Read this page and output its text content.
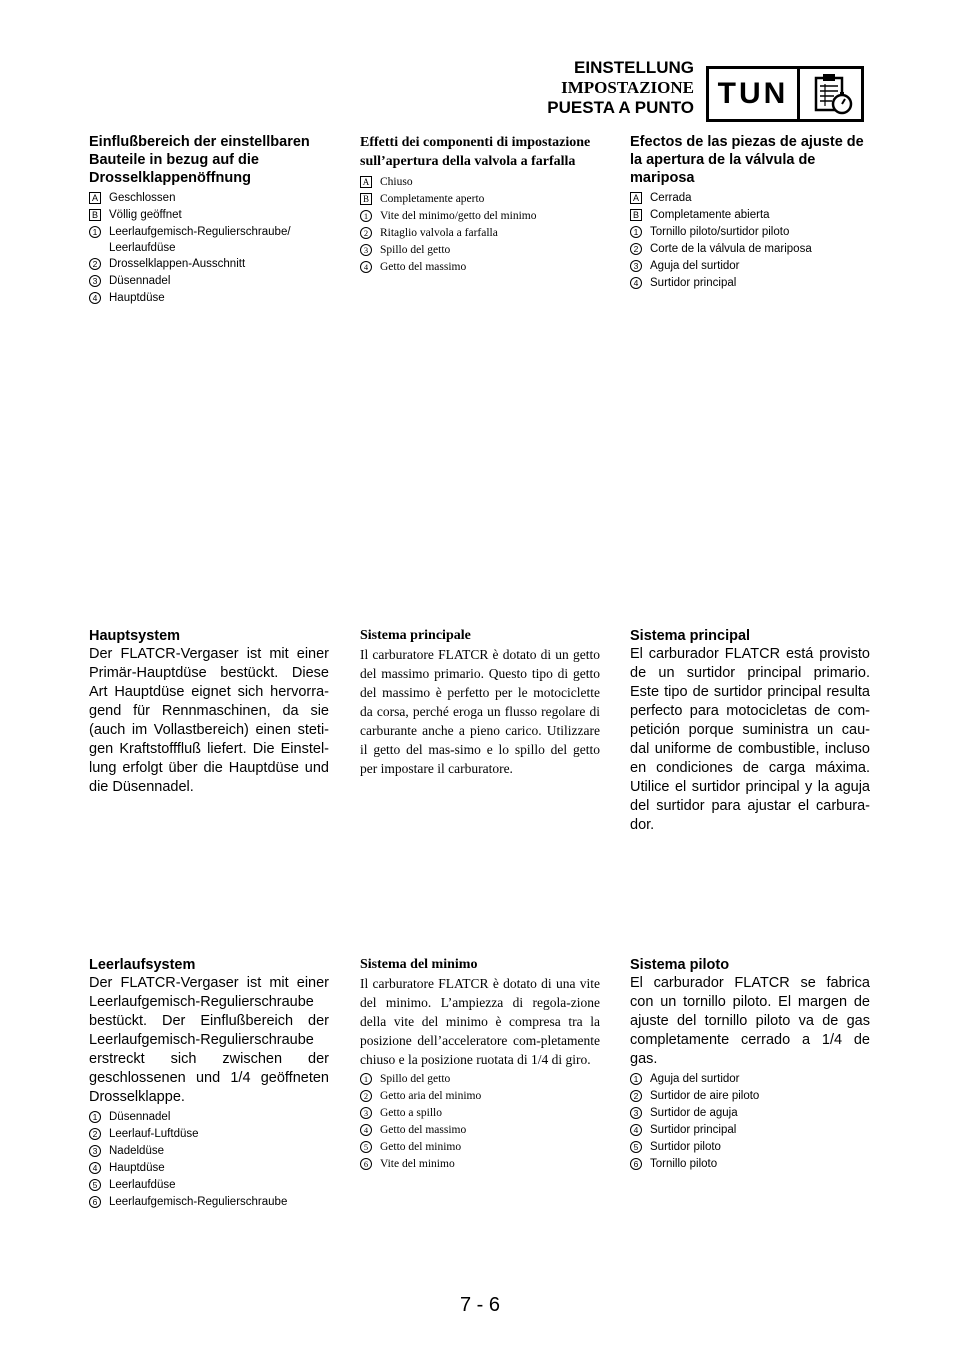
EINSTELLUNG
IMPOSTAZIONE
PUESTA A PUNTO TUN
Einflußbereich der einstellbaren Bauteile in bezug auf die Drosselklappenöffnung
A Geschlossen
B Völlig geöffnet
1	Leerlaufgemisch-Regulierschraube/ Leerlaufdüse
2	Drosselklappen-Ausschnitt
3	Düsennadel
4	Hauptdüse
Effetti dei componenti di impostazione sull’apertura della valvola a farfalla
A Chiuso
B Completamente aperto
1	Vite del minimo/getto del minimo
2	Ritaglio valvola a farfalla
3	Spillo del getto
4	Getto del massimo
Efectos de las piezas de ajuste de la apertura de la válvula de mariposa
A Cerrada
B Completamente abierta
1	Tornillo piloto/surtidor piloto
2	Corte de la válvula de mariposa
3	Aguja del surtidor
4	Surtidor principal
Hauptsystem
Der FLATCR-Vergaser ist mit einer Primär-Hauptdüse bestückt. Diese Art Hauptdüse eignet sich hervorra-gend für Rennmaschinen, da sie (auch im Vollastbereich) einen steti-gen Kraftstofffluß liefert. Die Einstel-lung erfolgt über die Hauptdüse und die Düsennadel.
Sistema principale
Il carburatore FLATCR è dotato di un getto del massimo primario. Questo tipo di getto del massimo è perfetto per le motociclette da corsa, perché eroga un flusso regolare di carburante anche a pieno carico. Utilizzare il getto del mas-simo e lo spillo del getto per impostare il carburatore.
Sistema principal
El carburador FLATCR está provisto de un surtidor principal primario. Este tipo de surtidor principal resulta perfecto para motocicletas de com-petición porque suministra un cau-dal uniforme de combustible, incluso en condiciones de carga máxima. Utilice el surtidor principal y la aguja del surtidor para ajustar el carbura-dor.
Leerlaufsystem
Der FLATCR-Vergaser ist mit einer Leerlaufgemisch-Regulierschraube bestückt. Der Einflußbereich der Leerlaufgemisch-Regulierschraube erstreckt sich zwischen der geschlossenen und 1/4 geöffneten Drosselklappe.
1	Düsennadel
2	Leerlauf-Luftdüse
3	Nadeldüse
4	Hauptdüse
5	Leerlaufdüse
6	Leerlaufgemisch-Regulierschraube
Sistema del minimo
Il carburatore FLATCR è dotato di una vite del minimo. L’ampiezza di regola-zione della vite del minimo è compresa tra la posizione dell’acceleratore com-pletamente chiuso e la posizione ruotata di 1/4 di giro.
1	Spillo del getto
2	Getto aria del minimo
3	Getto a spillo
4	Getto del massimo
5	Getto del minimo
6	Vite del minimo
Sistema piloto
El carburador FLATCR se fabrica con un tornillo piloto. El margen de ajuste del tornillo piloto va de gas completamente cerrado a 1/4 de gas.
1	Aguja del surtidor
2	Surtidor de aire piloto
3	Surtidor de aguja
4	Surtidor principal
5	Surtidor piloto
6	Tornillo piloto
7 - 6
